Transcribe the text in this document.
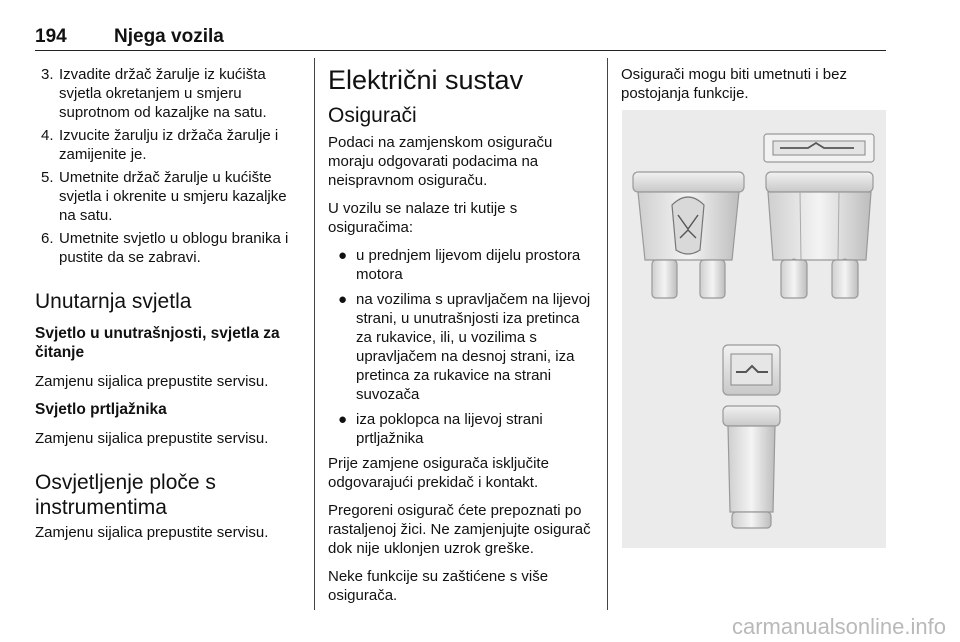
194 Njega vozila
3. Izvadite držač žarulje iz kućišta svjetla okretanjem u smjeru suprotnom od kazaljke na satu.
4. Izvucite žarulju iz držača žarulje i zamijenite je.
5. Umetnite držač žarulje u kućište svjetla i okrenite u smjeru kazaljke na satu.
6. Umetnite svjetlo u oblogu branika i pustite da se zabravi.
Unutarnja svjetla
Svjetlo u unutrašnjosti, svjetla za čitanje

Zamjenu sijalica prepustite servisu.

Svjetlo prtljažnika

Zamjenu sijalica prepustite servisu.

Osvjetljenje ploče s instrumentima

Zamjenu sijalica prepustite servisu.

Električni sustav
Osigurači

Podaci na zamjenskom osiguraču moraju odgovarati podacima na neispravnom osiguraču.

U vozilu se nalaze tri kutije s osiguračima:

● u prednjem lijevom dijelu prostora motora
● na vozilima s upravljačem na lijevoj strani, u unutrašnjosti iza pretinca za rukavice, ili, u vozilima s upravljačem na desnoj strani, iza pretinca za rukavice na strani suvozača
● iza poklopca na lijevoj strani prtljažnika

Prije zamjene osigurača isključite odgovarajući prekidač i kontakt.

Pregoreni osigurač ćete prepoznati po rastaljenoj žici. Ne zamjenjujte osigurač dok nije uklonjen uzrok greške.

Neke funkcije su zaštićene s više osigurača.

Osigurači mogu biti umetnuti i bez postojanja funkcije.

carmanualsonline.info
